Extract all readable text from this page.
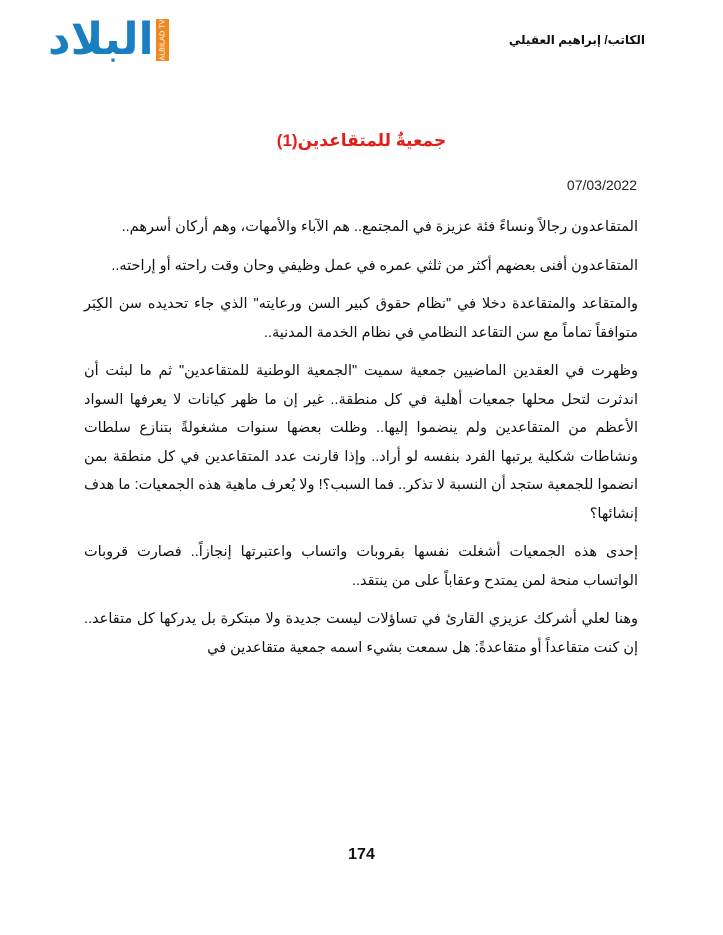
البلاد ALBILAD TV	الكاتب/ إبراهيم العقيلي
جمعيةٌ للمتقاعدين(1)
07/03/2022

المتقاعدون رجالاً ونساءً فئة عزيزة في المجتمع.. هم الآباء والأمهات، وهم أركان أسرهم..

المتقاعدون أفنى بعضهم أكثر من ثلثي عمره في عمل وظيفي وحان وقت راحته أو إراحته..

والمتقاعد والمتقاعدة دخلا في "نظام حقوق كبير السن ورعايته" الذي جاء تحديده سن الكِبَر متوافقاً تماماً مع سن التقاعد النظامي في نظام الخدمة المدنية..

وظهرت في العقدين الماضيين جمعية سميت "الجمعية الوطنية للمتقاعدين" ثم ما لبثت أن اندثرت لتحل محلها جمعيات أهلية في كل منطقة.. غير إن ما ظهر كيانات لا يعرفها السواد الأعظم من المتقاعدين ولم ينضموا إليها.. وظلت بعضها سنوات مشغولةً بتنازع سلطات ونشاطات شكلية يرتبها الفرد بنفسه لو أراد.. وإذا قارنت عدد المتقاعدين في كل منطقة بمن انضموا للجمعية ستجد أن النسبة لا تذكر.. فما السبب؟! ولا يُعرف ماهية هذه الجمعيات: ما هدف إنشائها؟

إحدى هذه الجمعيات أشغلت نفسها بقروبات واتساب واعتبرتها إنجازاً.. فصارت قروبات الواتساب منحة لمن يمتدح وعقاباً على من ينتقد..

وهنا لعلي أشركك عزيزي القارئ في تساؤلات ليست جديدة ولا مبتكرة بل يدركها كل متقاعد.. إن كنت متقاعداً أو متقاعدةً: هل سمعت بشيء اسمه جمعية متقاعدين في

174
